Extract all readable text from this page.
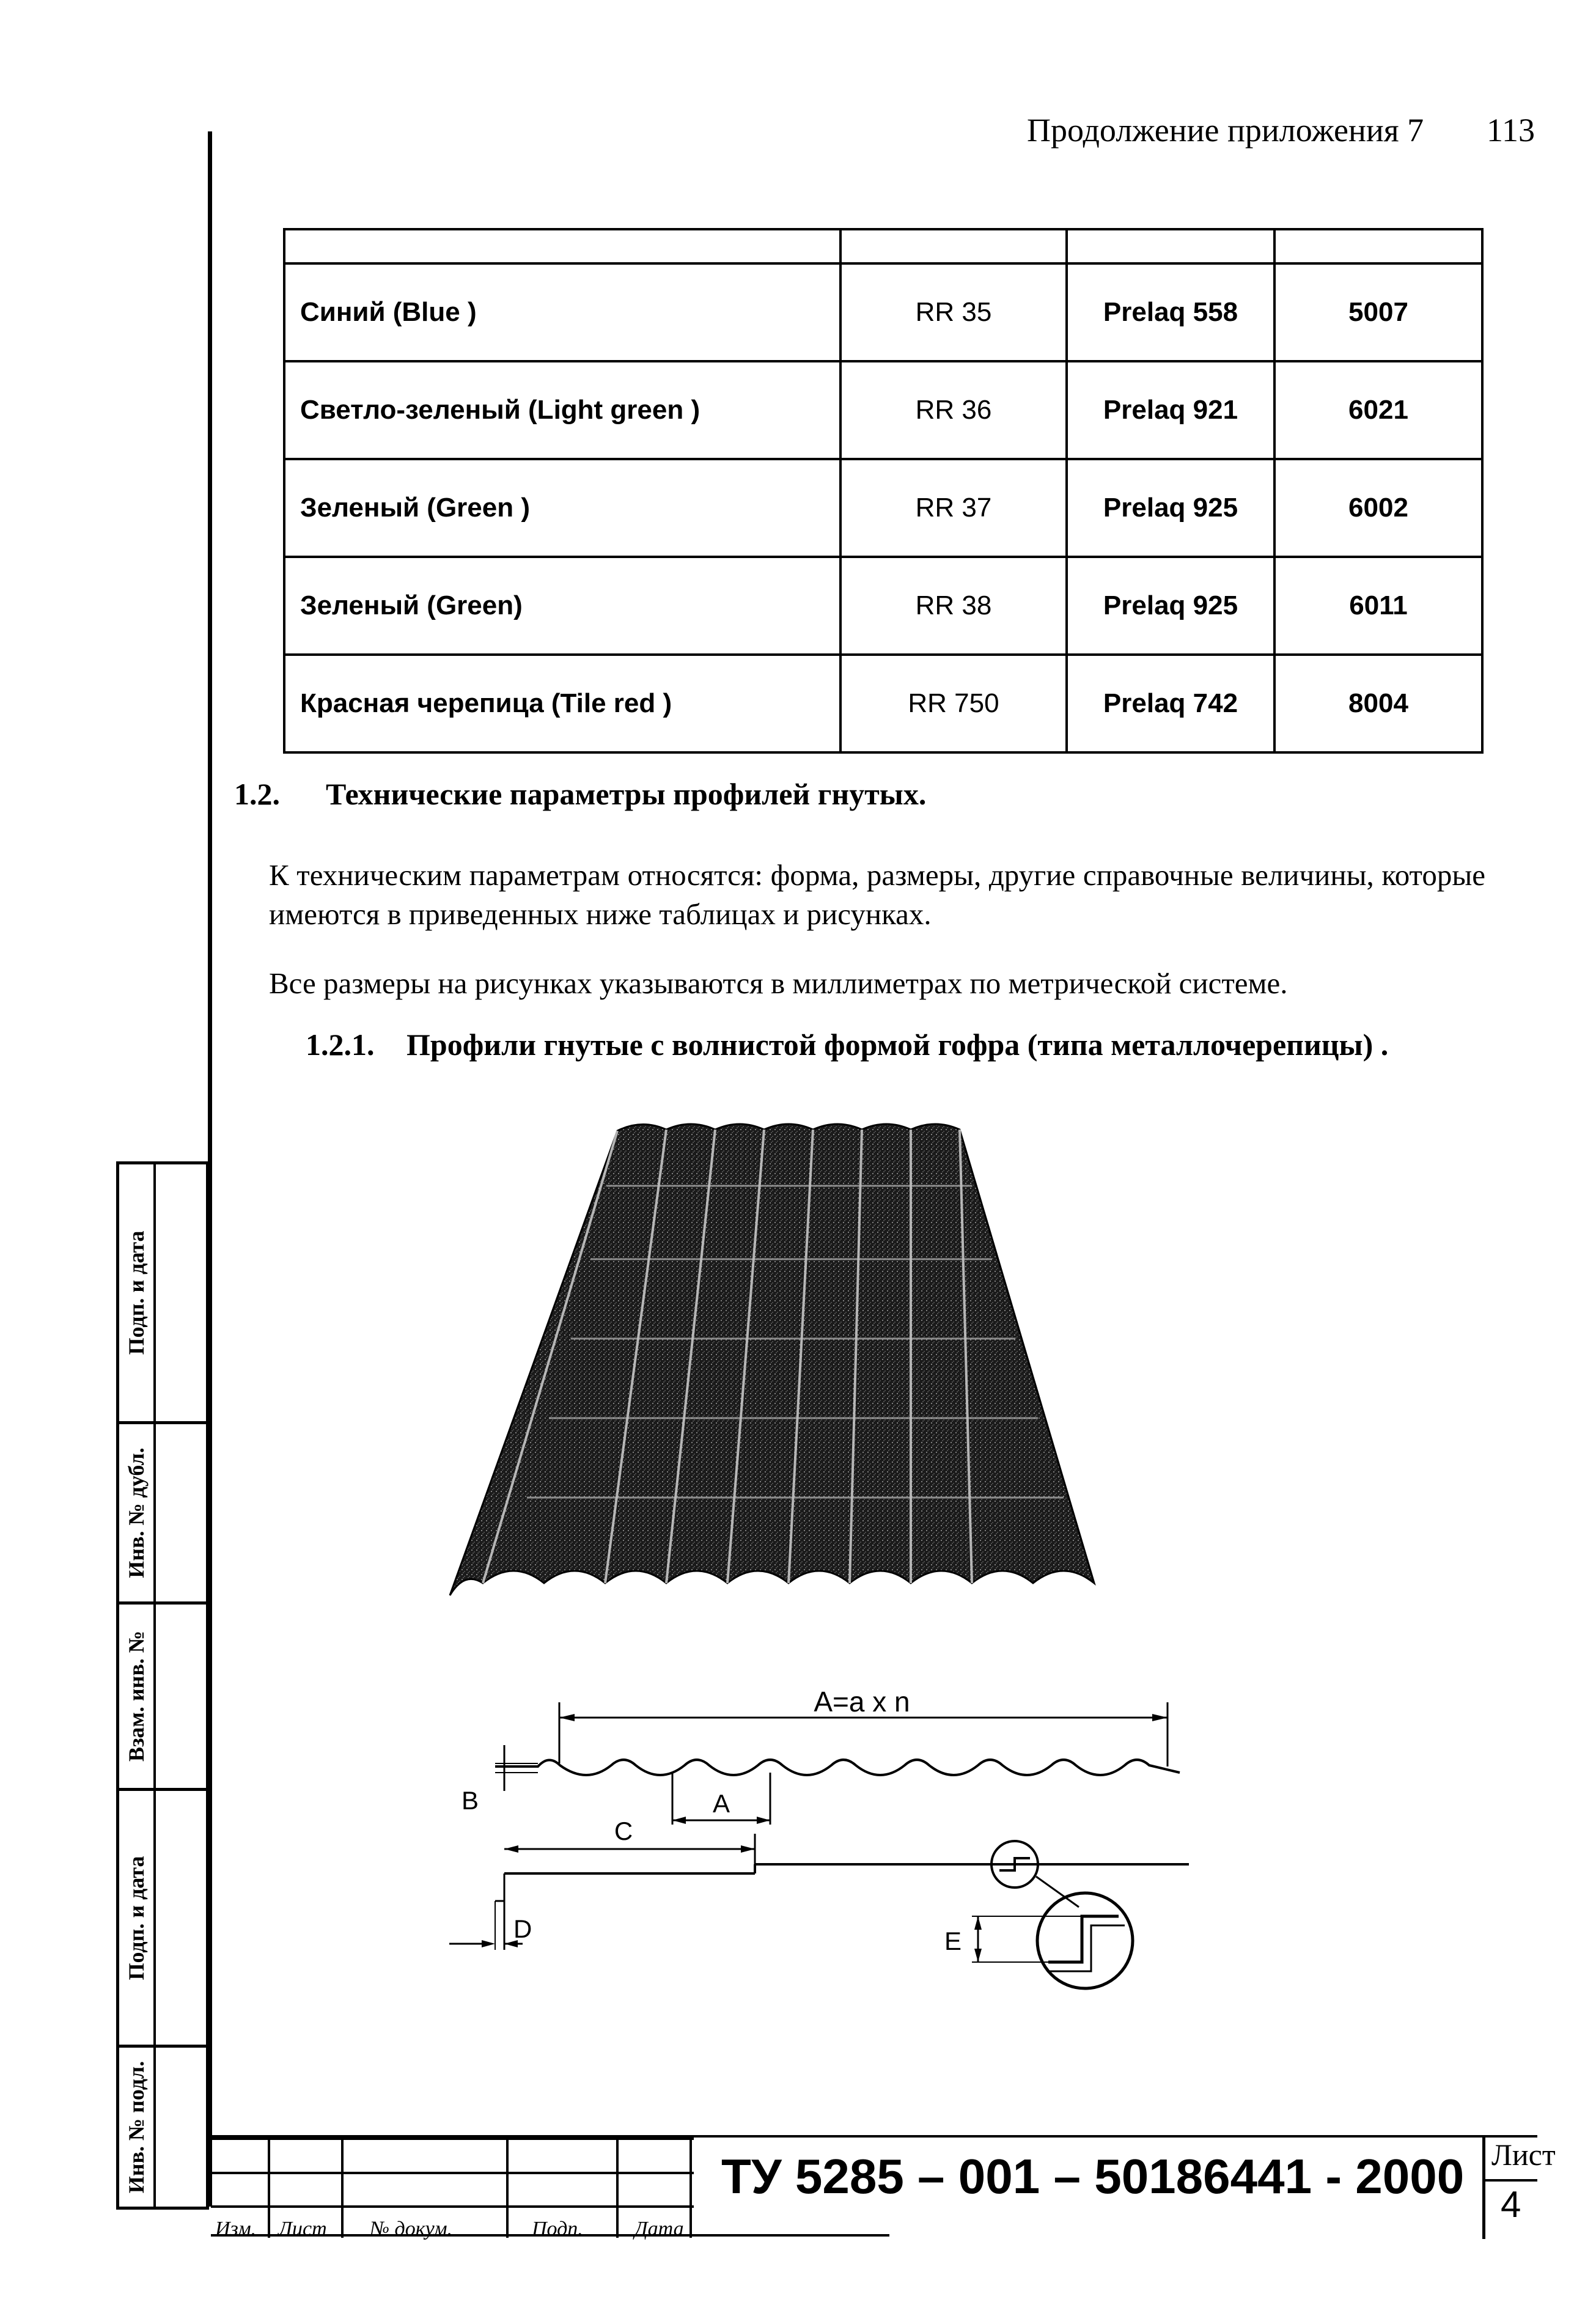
Продолжение приложения 7 113

Синий (Blue )	RR 35	Prelaq 558	5007
Светло-зеленый (Light green )	RR 36	Prelaq 921	6021
Зеленый (Green )	RR 37	Prelaq 925	6002
Зеленый (Green)	RR 38	Prelaq 925	6011
Красная черепица (Tile red )	RR 750	Prelaq 742	8004
1.2. Технические параметры профилей гнутых.
К техническим параметрам относятся: форма, размеры, другие справочные величины, которые имеются в приведенных ниже таблицах и рисунках.
Все размеры на рисунках указываются в миллиметрах по метрической системе.
1.2.1. Профили гнутые с волнистой формой гофра (типа металлочерепицы) .
A=a x n
B	A
C
D	E
Подп. и дата
Инв. № дубл.
Взам. инв. №
Подп. и дата
Инв. № подл.
Изм. Лист № докум.	Подп. Дата
ТУ 5285 – 001 – 50186441 - 2000 Лист
4
